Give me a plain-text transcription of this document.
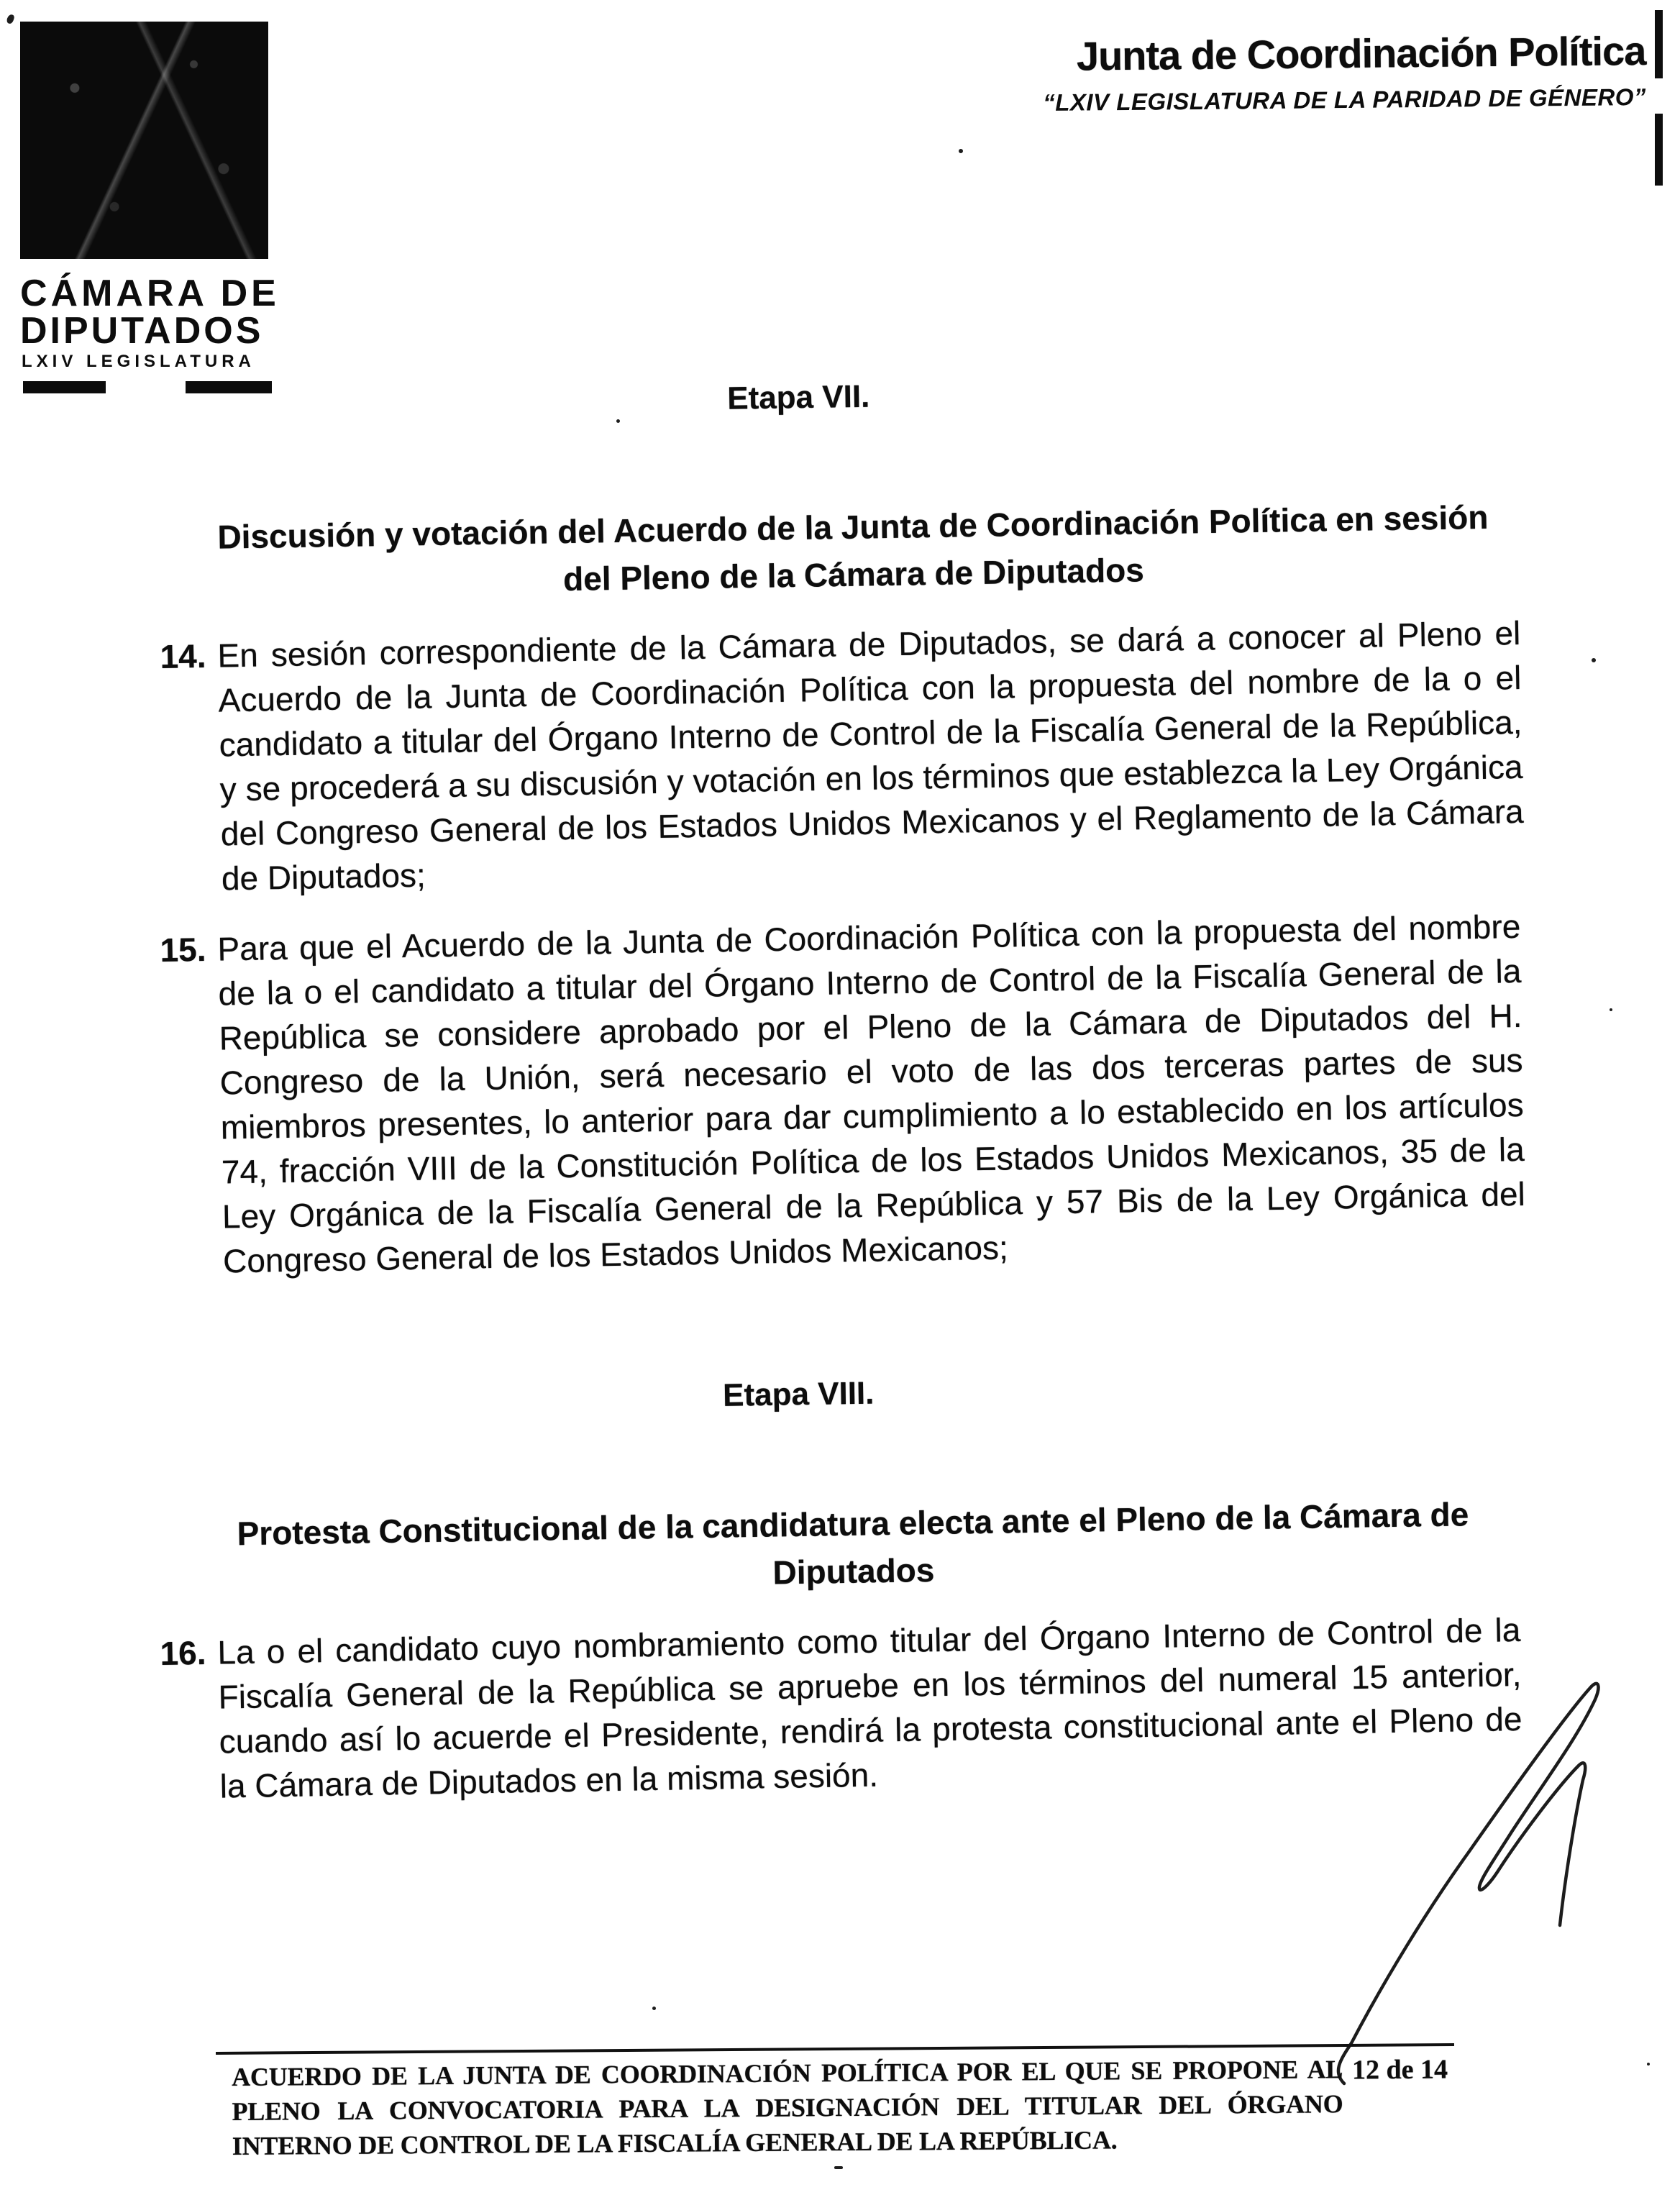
CÁMARA DE
DIPUTADOS
LXIV LEGISLATURA
Junta de Coordinación Política
“LXIV LEGISLATURA DE LA PARIDAD DE GÉNERO”
Etapa VII.
Discusión y votación del Acuerdo de la Junta de Coordinación Política en sesión del Pleno de la Cámara de Diputados
14. En sesión correspondiente de la Cámara de Diputados, se dará a conocer al Pleno el Acuerdo de la Junta de Coordinación Política con la propuesta del nombre de la o el candidato a titular del Órgano Interno de Control de la Fiscalía General de la República, y se procederá a su discusión y votación en los términos que establezca la Ley Orgánica del Congreso General de los Estados Unidos Mexicanos y el Reglamento de la Cámara de Diputados;

15. Para que el Acuerdo de la Junta de Coordinación Política con la propuesta del nombre de la o el candidato a titular del Órgano Interno de Control de la Fiscalía General de la República se considere aprobado por el Pleno de la Cámara de Diputados del H. Congreso de la Unión, será necesario el voto de las dos terceras partes de sus miembros presentes, lo anterior para dar cumplimiento a lo establecido en los artículos 74, fracción VIII de la Constitución Política de los Estados Unidos Mexicanos, 35 de la Ley Orgánica de la Fiscalía General de la República y 57 Bis de la Ley Orgánica del Congreso General de los Estados Unidos Mexicanos;

Etapa VIII.
Protesta Constitucional de la candidatura electa ante el Pleno de la Cámara de Diputados
16. La o el candidato cuyo nombramiento como titular del Órgano Interno de Control de la Fiscalía General de la República se apruebe en los términos del numeral 15 anterior, cuando así lo acuerde el Presidente, rendirá la protesta constitucional ante el Pleno de la Cámara de Diputados en la misma sesión.

ACUERDO DE LA JUNTA DE COORDINACIÓN POLÍTICA POR EL QUE SE PROPONE AL PLENO LA CONVOCATORIA PARA LA DESIGNACIÓN DEL TITULAR DEL ÓRGANO INTERNO DE CONTROL DE LA FISCALÍA GENERAL DE LA REPÚBLICA.

12 de 14
